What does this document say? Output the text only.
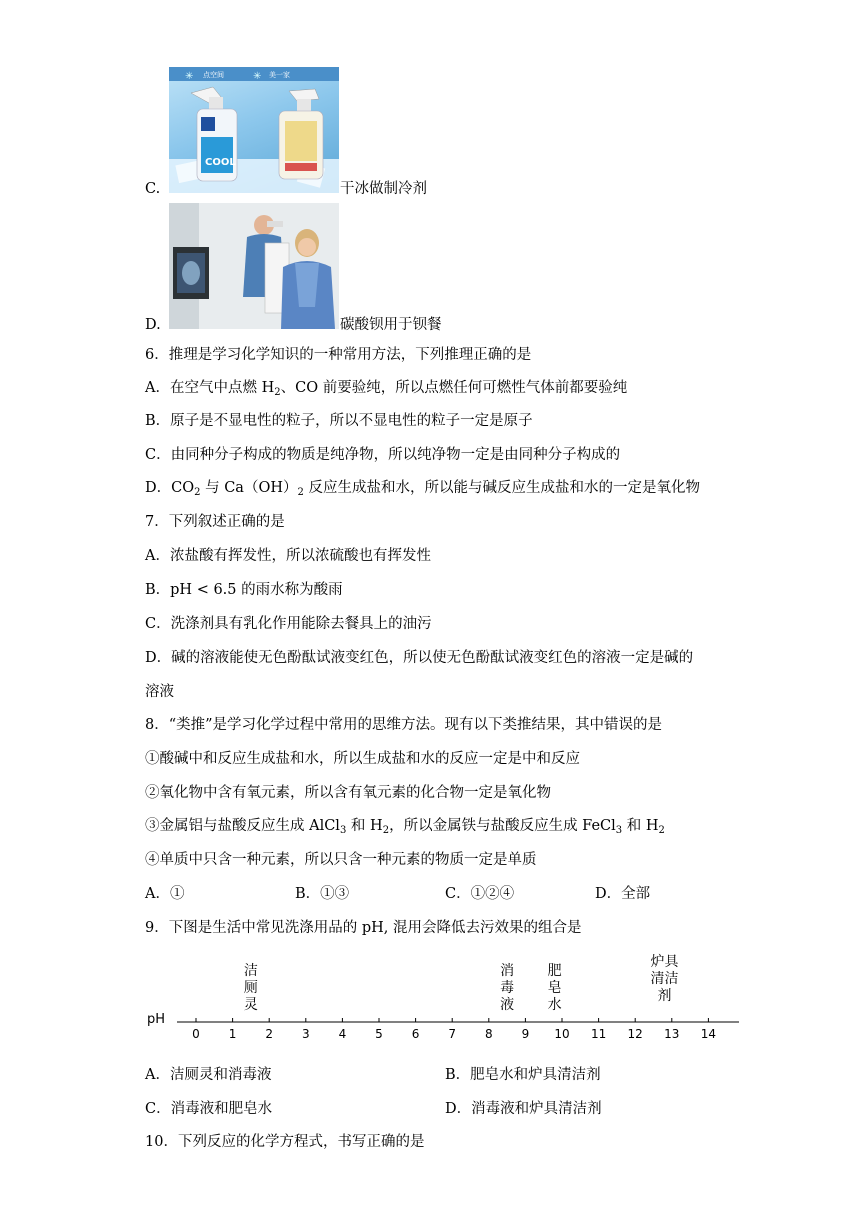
点空间	美一家
COOL
✳	✳
C.	干冰做制冷剂
D.	碳酸钡用于钡餐
6．推理是学习化学知识的一种常用方法，下列推理正确的是
A．在空气中点燃 $H_2$、CO 前要验纯，所以点燃任何可燃性气体前都要验纯
B．原子是不显电性的粒子，所以不显电性的粒子一定是原子
C．由同种分子构成的物质是纯净物，所以纯净物一定是由同种分子构成的
D．$CO_2$ 与 $Ca(OH)_2$ 反应生成盐和水，所以能与碱反应生成盐和水的一定是氧化物
7．下列叙述正确的是
A．浓盐酸有挥发性，所以浓硫酸也有挥发性
B．pH < 6.5 的雨水称为酸雨
C．洗涤剂具有乳化作用能除去餐具上的油污
D．碱的溶液能使无色酚酞试液变红色，所以使无色酚酞试液变红色的溶液一定是碱的
溶液
8．“类推”是学习化学过程中常用的思维方法。现有以下类推结果，其中错误的是
①酸碱中和反应生成盐和水，所以生成盐和水的反应一定是中和反应
②氧化物中含有氧元素，所以含有氧元素的化合物一定是氧化物
③金属铝与盐酸反应生成 AlCl$_3$ 和 $H_2$，所以金属铁与盐酸反应生成 FeCl$_3$ 和 $H_2$
④单质中只含一种元素，所以只含一种元素的物质一定是单质
A．①	B．①③	C．①②④	D．全部
9．下图是生活中常见洗涤用品的 pH, 混用会降低去污效果的组合是
pH
0 1 2 3 4 5 6 7 8 9 10 11 12 13 14
洁
厕
灵
消
毒
液
肥
皂
水
炉具
清洁
剂
A．洁厕灵和消毒液	B．肥皂水和炉具清洁剂
C．消毒液和肥皂水	D．消毒液和炉具清洁剂
10．下列反应的化学方程式，书写正确的是
